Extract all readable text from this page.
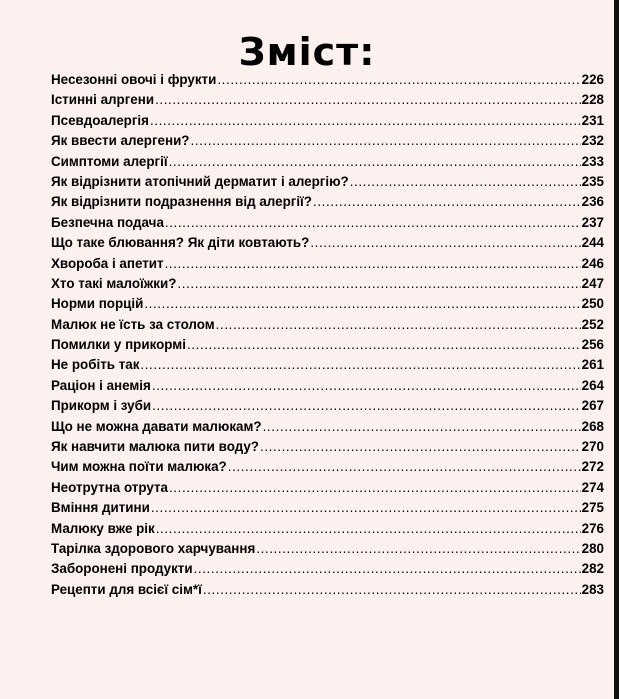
Зміст:
Несезонні овочі і фрукти .....	226
Істинні алргени .....	228
Псевдоалергія .....	231
Як ввести алергени? .....	232
Симптоми алергії .....	233
Як відрізнити атопічний дерматит і алергію? .....	235
Як відрізнити подразнення від алергії? .....	236
Безпечна подача .....	237
Що таке блювання? Як діти ковтають? .....	244
Хвороба і апетит .....	246
Хто такі малоїжки? .....	247
Норми порцій .....	250
Малюк не їсть за столом .....	252
Помилки у прикормі .....	256
Не робіть так .....	261
Раціон і анемія .....	264
Прикорм і зуби .....	267
Що не можна давати малюкам? .....	268
Як навчити малюка пити воду? .....	270
Чим можна поїти малюка? .....	272
Неотрутна отрута .....	274
Вміння дитини .....	275
Малюку вже рік .....	276
Тарілка здорового харчування .....	280
Заборонені продукти .....	282
Рецепти для всієї сім*ї .....	283
